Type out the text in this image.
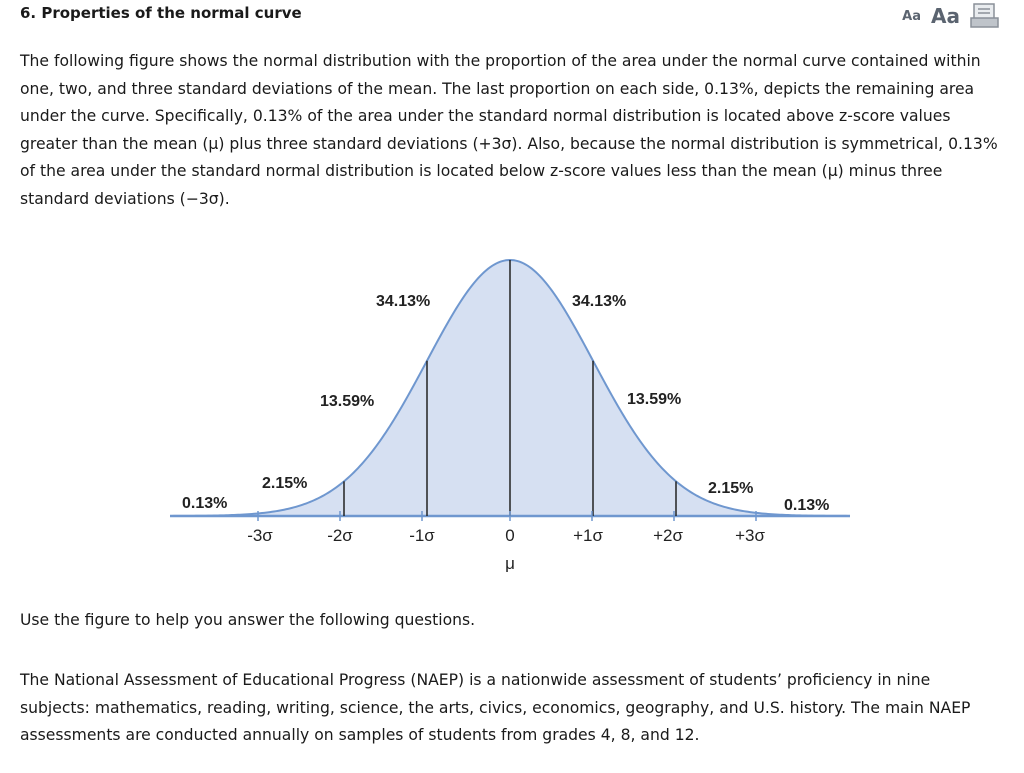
6. Properties of the normal curve	Aa Aa

The following figure shows the normal distribution with the proportion of the area under the normal curve contained within one, two, and three standard deviations of the mean. The last proportion on each side, 0.13%, depicts the remaining area under the curve. Specifically, 0.13% of the area under the standard normal distribution is located above z-score values greater than the mean (μ) plus three standard deviations (+3σ). Also, because the normal distribution is symmetrical, 0.13% of the area under the standard normal distribution is located below z-score values less than the mean (μ) minus three standard deviations (−3σ).

0.13%
2.15%
13.59%
34.13%	34.13%
13.59%
2.15%
0.13%
-3σ	-2σ	-1σ	0	+1σ	+2σ	+3σ
μ

Use the figure to help you answer the following questions.

The National Assessment of Educational Progress (NAEP) is a nationwide assessment of students’ proficiency in nine subjects: mathematics, reading, writing, science, the arts, civics, economics, geography, and U.S. history. The main NAEP assessments are conducted annually on samples of students from grades 4, 8, and 12.
